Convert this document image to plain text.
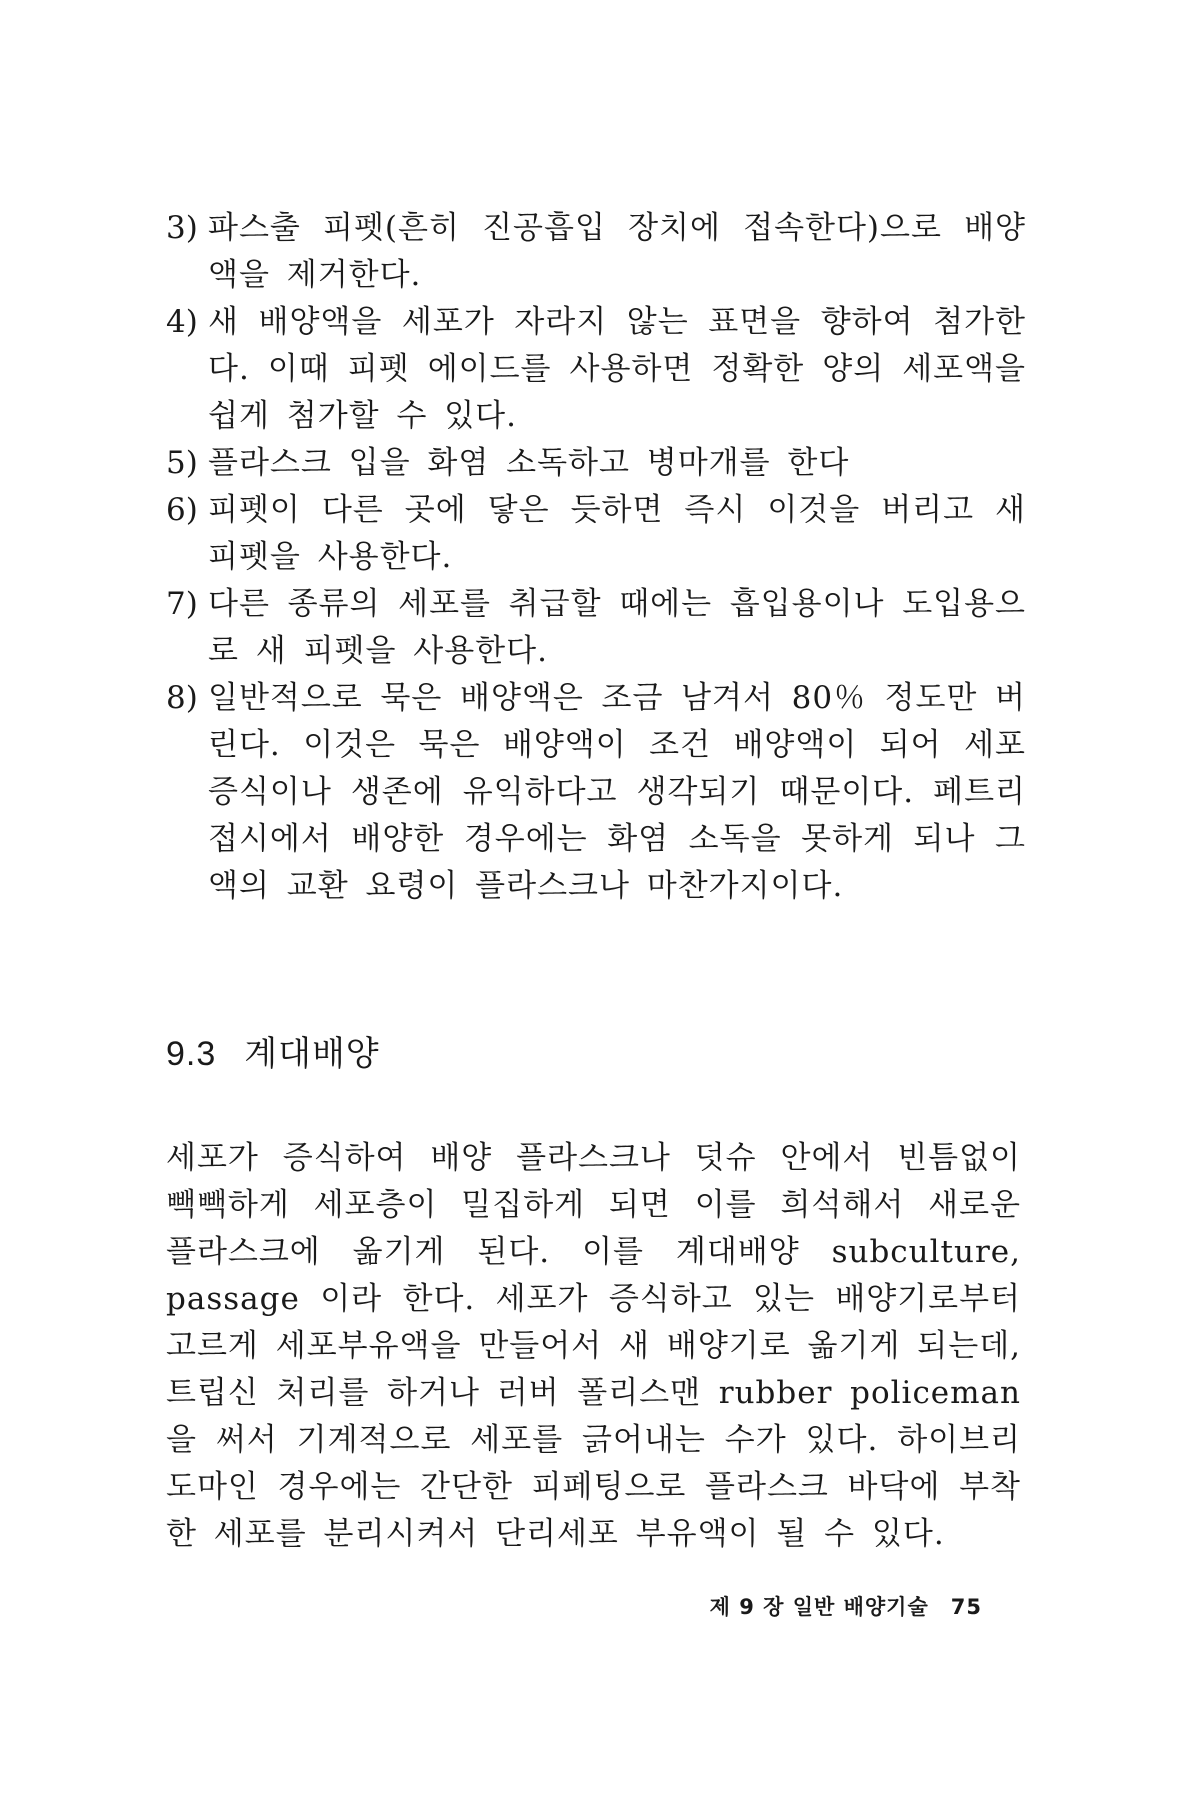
3) 파스출 피펫(흔히 진공흡입 장치에 접속한다)으로 배양액을 제거한다.
4) 새 배양액을 세포가 자라지 않는 표면을 향하여 첨가한다. 이때 피펫 에이드를 사용하면 정확한 양의 세포액을 쉽게 첨가할 수 있다.
5) 플라스크 입을 화염 소독하고 병마개를 한다
6) 피펫이 다른 곳에 닿은 듯하면 즉시 이것을 버리고 새 피펫을 사용한다.
7) 다른 종류의 세포를 취급할 때에는 흡입용이나 도입용으로 새 피펫을 사용한다.
8) 일반적으로 묵은 배양액은 조금 남겨서 80％ 정도만 버린다. 이것은 묵은 배양액이 조건 배양액이 되어 세포 증식이나 생존에 유익하다고 생각되기 때문이다. 페트리 접시에서 배양한 경우에는 화염 소독을 못하게 되나 그 액의 교환 요령이 플라스크나 마찬가지이다.
9.3 계대배양
세포가 증식하여 배양 플라스크나 덧슈 안에서 빈틈없이 빽빽하게 세포층이 밀집하게 되면 이를 희석해서 새로운 플라스크에 옮기게 된다. 이를 계대배양 subculture, passage 이라 한다. 세포가 증식하고 있는 배양기로부터 고르게 세포부유액을 만들어서 새 배양기로 옮기게 되는데, 트립신 처리를 하거나 러버 폴리스맨 rubber policeman을 써서 기계적으로 세포를 긁어내는 수가 있다. 하이브리도마인 경우에는 간단한 피페팅으로 플라스크 바닥에 부착한 세포를 분리시켜서 단리세포 부유액이 될 수 있다.
제 9 장 일반 배양기술 75
